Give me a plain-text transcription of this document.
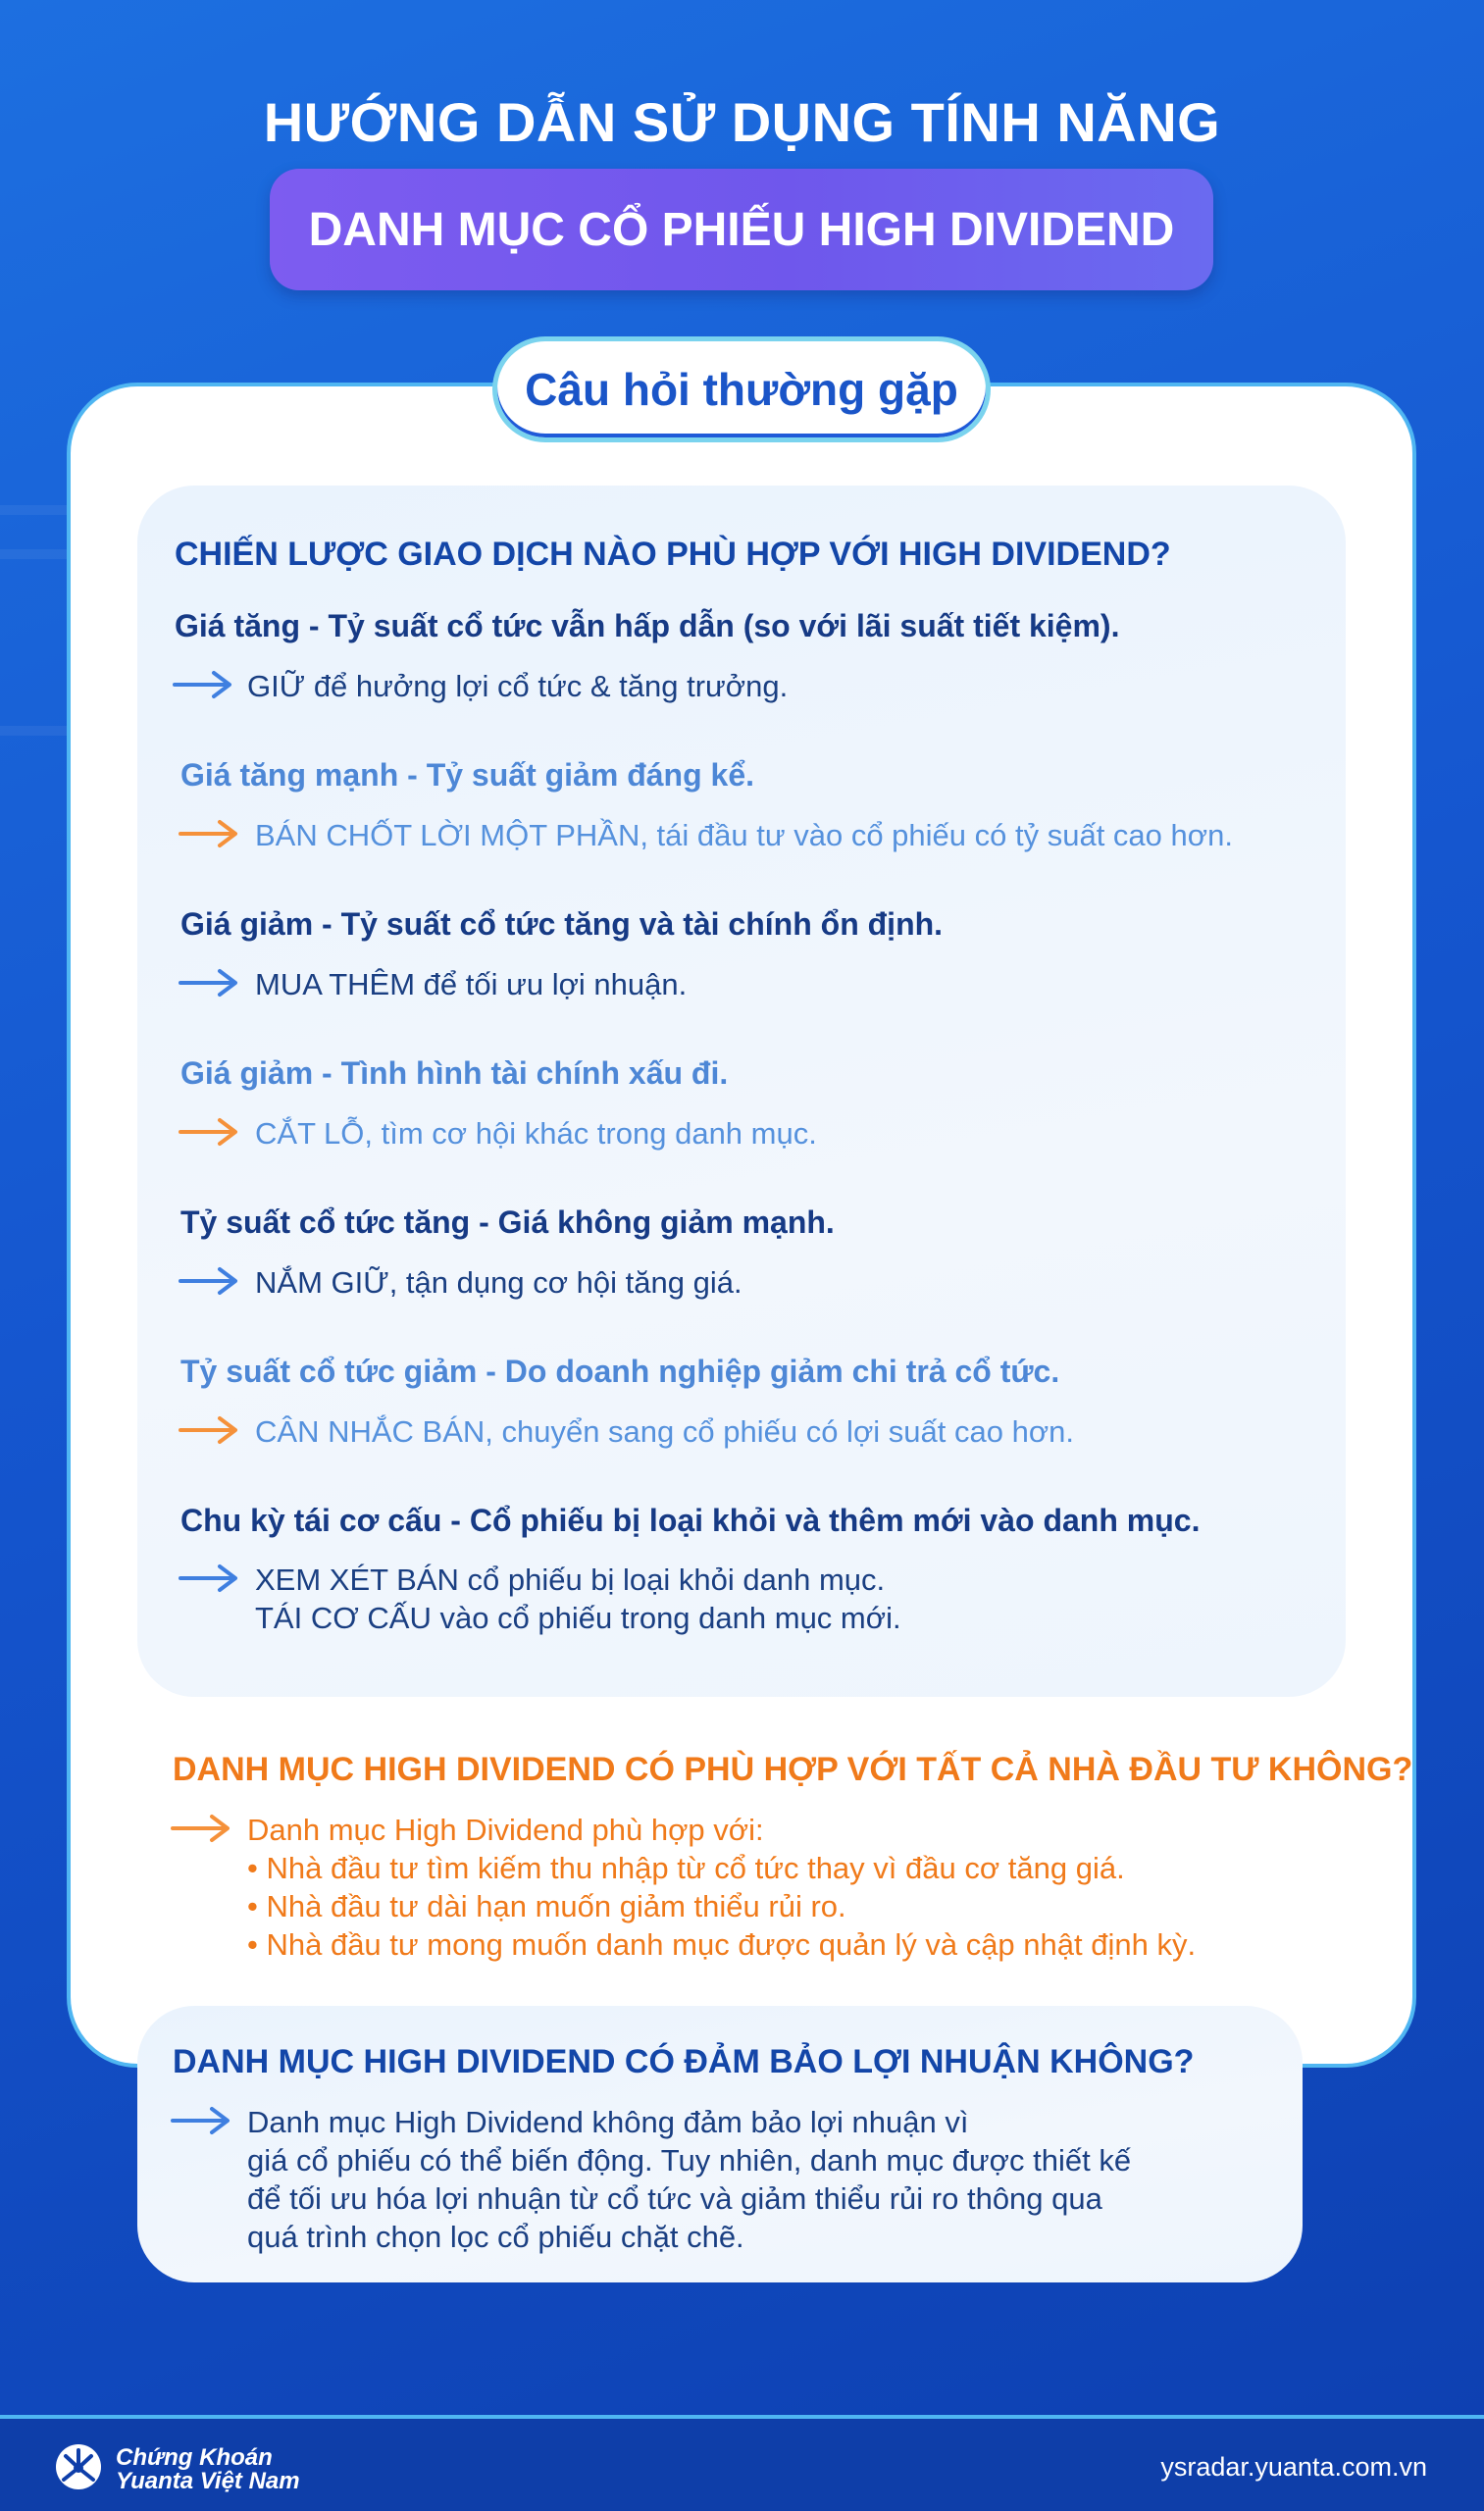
HƯỚNG DẪN SỬ DỤNG TÍNH NĂNG
DANH MỤC CỔ PHIẾU HIGH DIVIDEND
Câu hỏi thường gặp
CHIẾN LƯỢC GIAO DỊCH NÀO PHÙ HỢP VỚI HIGH DIVIDEND?
Giá tăng - Tỷ suất cổ tức vẫn hấp dẫn (so với lãi suất tiết kiệm).
GIỮ để hưởng lợi cổ tức & tăng trưởng.
Giá tăng mạnh - Tỷ suất giảm đáng kể.
BÁN CHỐT LỜI MỘT PHẦN, tái đầu tư vào cổ phiếu có tỷ suất cao hơn.
Giá giảm - Tỷ suất cổ tức tăng và tài chính ổn định.
MUA THÊM để tối ưu lợi nhuận.
Giá giảm - Tình hình tài chính xấu đi.
CẮT LỖ, tìm cơ hội khác trong danh mục.
Tỷ suất cổ tức tăng - Giá không giảm mạnh.
NẮM GIỮ, tận dụng cơ hội tăng giá.
Tỷ suất cổ tức giảm - Do doanh nghiệp giảm chi trả cổ tức.
CÂN NHẮC BÁN, chuyển sang cổ phiếu có lợi suất cao hơn.
Chu kỳ tái cơ cấu - Cổ phiếu bị loại khỏi và thêm mới vào danh mục.
XEM XÉT BÁN cổ phiếu bị loại khỏi danh mục.
TÁI CƠ CẤU vào cổ phiếu trong danh mục mới.
DANH MỤC HIGH DIVIDEND CÓ PHÙ HỢP VỚI TẤT CẢ NHÀ ĐẦU TƯ KHÔNG?
Danh mục High Dividend phù hợp với:
• Nhà đầu tư tìm kiếm thu nhập từ cổ tức thay vì đầu cơ tăng giá.
• Nhà đầu tư dài hạn muốn giảm thiểu rủi ro.
• Nhà đầu tư mong muốn danh mục được quản lý và cập nhật định kỳ.
DANH MỤC HIGH DIVIDEND CÓ ĐẢM BẢO LỢI NHUẬN KHÔNG?
Danh mục High Dividend không đảm bảo lợi nhuận vì
giá cổ phiếu có thể biến động. Tuy nhiên, danh mục được thiết kế
để tối ưu hóa lợi nhuận từ cổ tức và giảm thiểu rủi ro thông qua
quá trình chọn lọc cổ phiếu chặt chẽ.
Chứng Khoán
Yuanta Việt Nam	ysradar.yuanta.com.vn
